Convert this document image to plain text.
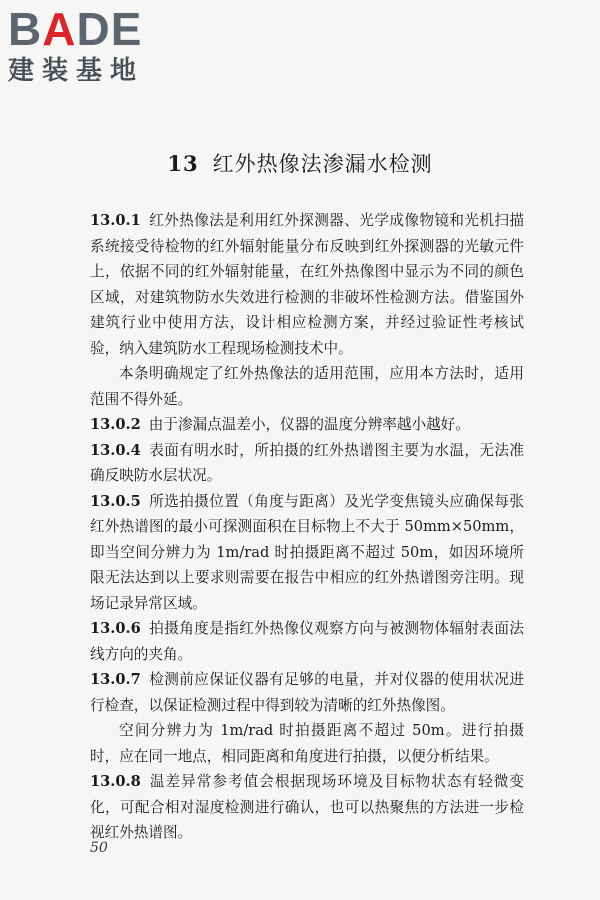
BADE
建装基地
13 红外热像法渗漏水检测

13.0.1 红外热像法是利用红外探测器、光学成像物镜和光机扫描系统接受待检物的红外辐射能量分布反映到红外探测器的光敏元件上，依据不同的红外辐射能量，在红外热像图中显示为不同的颜色区域，对建筑物防水失效进行检测的非破坏性检测方法。借鉴国外建筑行业中使用方法，设计相应检测方案，并经过验证性考核试验，纳入建筑防水工程现场检测技术中。

本条明确规定了红外热像法的适用范围，应用本方法时，适用范围不得外延。

13.0.2 由于渗漏点温差小，仪器的温度分辨率越小越好。

13.0.4 表面有明水时，所拍摄的红外热谱图主要为水温，无法准确反映防水层状况。

13.0.5 所选拍摄位置（角度与距离）及光学变焦镜头应确保每张红外热谱图的最小可探测面积在目标物上不大于 50mm×50mm，即当空间分辨力为 1m/rad 时拍摄距离不超过 50m，如因环境所限无法达到以上要求则需要在报告中相应的红外热谱图旁注明。现场记录异常区域。

13.0.6 拍摄角度是指红外热像仪观察方向与被测物体辐射表面法线方向的夹角。

13.0.7 检测前应保证仪器有足够的电量，并对仪器的使用状况进行检查，以保证检测过程中得到较为清晰的红外热像图。

空间分辨力为 1m/rad 时拍摄距离不超过 50m。进行拍摄时，应在同一地点，相同距离和角度进行拍摄，以便分析结果。

13.0.8 温差异常参考值会根据现场环境及目标物状态有轻微变化，可配合相对湿度检测进行确认，也可以热聚焦的方法进一步检视红外热谱图。

50
